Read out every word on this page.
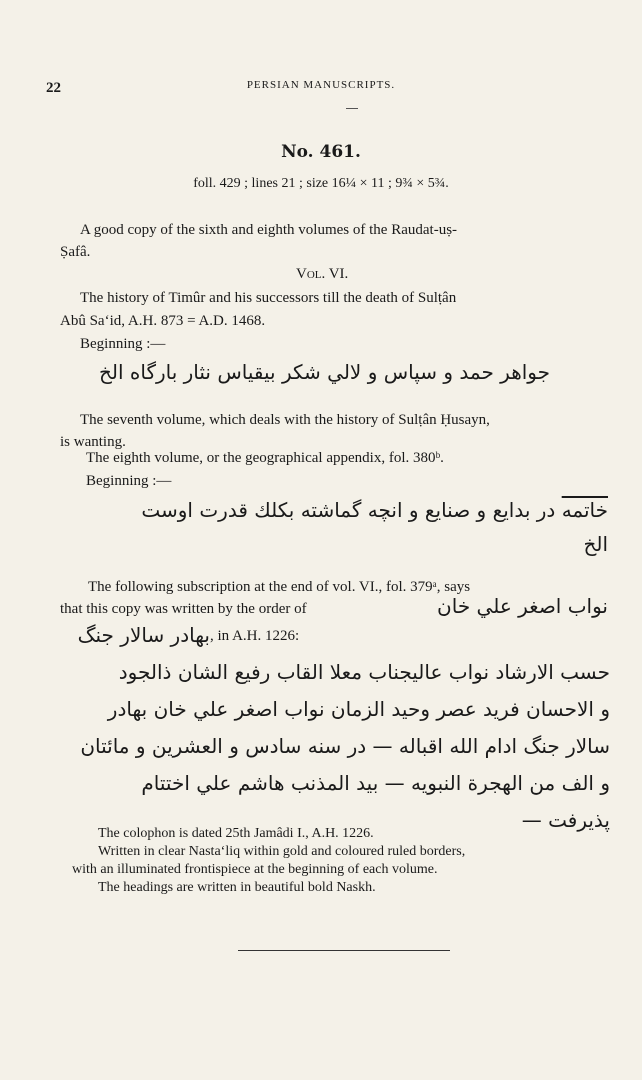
22	PERSIAN MANUSCRIPTS.
No. 461.
foll. 429 ; lines 21 ; size 16¼ × 11 ; 9¾ × 5¾.
A good copy of the sixth and eighth volumes of the Raudat-uṣ-
Ṣafâ.
Vol. VI.
The history of Timûr and his successors till the death of Sulṭân
Abû Sa‘id, A.H. 873 = A.D. 1468.
Beginning :—
جواهر حمد و سپاس و لالي شكر بيقياس نثار بارگاه الخ
The seventh volume, which deals with the history of Sulṭân Ḥusayn,
is wanting.
The eighth volume, or the geographical appendix, fol. 380ᵇ.
Beginning :—
خاتمه در بدايع و صنايع و انچه گماشته بكلك قدرت اوست
الخ
The following subscription at the end of vol. VI., fol. 379ᵃ, says
that this copy was written by the order of	نواب اصغر علي خان
بهادر سالار جنگ , in A.H. 1226:
حسب الارشاد نواب عاليجناب معلا القاب رفيع الشان ذالجود
و الاحسان فريد عصر وحيد الزمان نواب اصغر علي خان بهادر
سالار جنگ ادام الله اقباله — در سنه سادس و العشرين و مائتان
و الف من الهجرة النبويه — بيد المذنب هاشم علي اختتام
پذيرفت —
The colophon is dated 25th Jamâdi I., A.H. 1226.
Written in clear Nasta‘liq within gold and coloured ruled borders,
with an illuminated frontispiece at the beginning of each volume.
The headings are written in beautiful bold Naskh.
